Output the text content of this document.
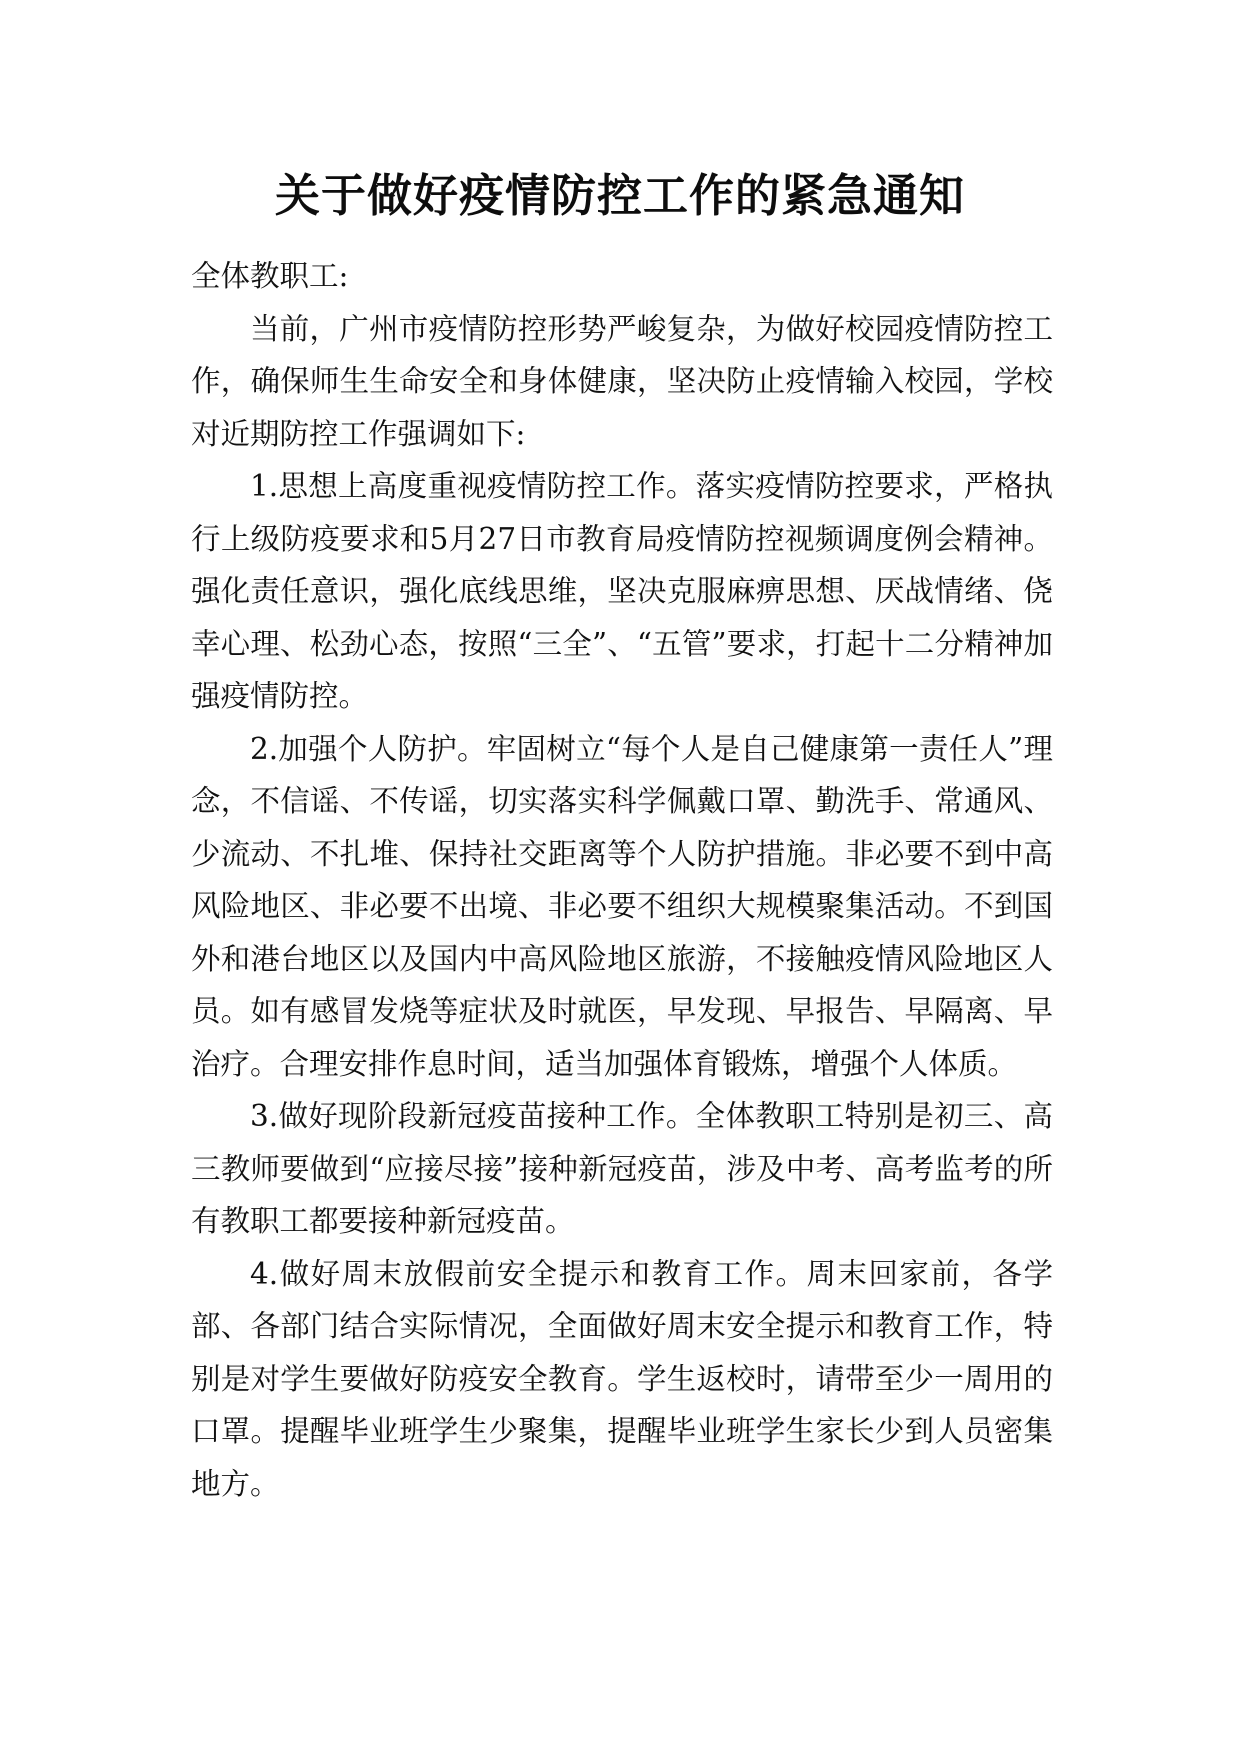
关于做好疫情防控工作的紧急通知

全体教职工:

当前，广州市疫情防控形势严峻复杂，为做好校园疫情防控工作，确保师生生命安全和身体健康，坚决防止疫情输入校园，学校对近期防控工作强调如下:

1.思想上高度重视疫情防控工作。落实疫情防控要求，严格执行上级防疫要求和5月27日市教育局疫情防控视频调度例会精神。强化责任意识，强化底线思维，坚决克服麻痹思想、厌战情绪、侥幸心理、松劲心态，按照“三全”、“五管”要求，打起十二分精神加强疫情防控。

2.加强个人防护。牢固树立“每个人是自己健康第一责任人”理念，不信谣、不传谣，切实落实科学佩戴口罩、勤洗手、常通风、少流动、不扎堆、保持社交距离等个人防护措施。非必要不到中高风险地区、非必要不出境、非必要不组织大规模聚集活动。不到国外和港台地区以及国内中高风险地区旅游，不接触疫情风险地区人员。如有感冒发烧等症状及时就医，早发现、早报告、早隔离、早治疗。合理安排作息时间，适当加强体育锻炼，增强个人体质。

3.做好现阶段新冠疫苗接种工作。全体教职工特别是初三、高三教师要做到“应接尽接”接种新冠疫苗，涉及中考、高考监考的所有教职工都要接种新冠疫苗。

4.做好周末放假前安全提示和教育工作。周末回家前，各学部、各部门结合实际情况，全面做好周末安全提示和教育工作，特别是对学生要做好防疫安全教育。学生返校时，请带至少一周用的口罩。提醒毕业班学生少聚集，提醒毕业班学生家长少到人员密集地方。
